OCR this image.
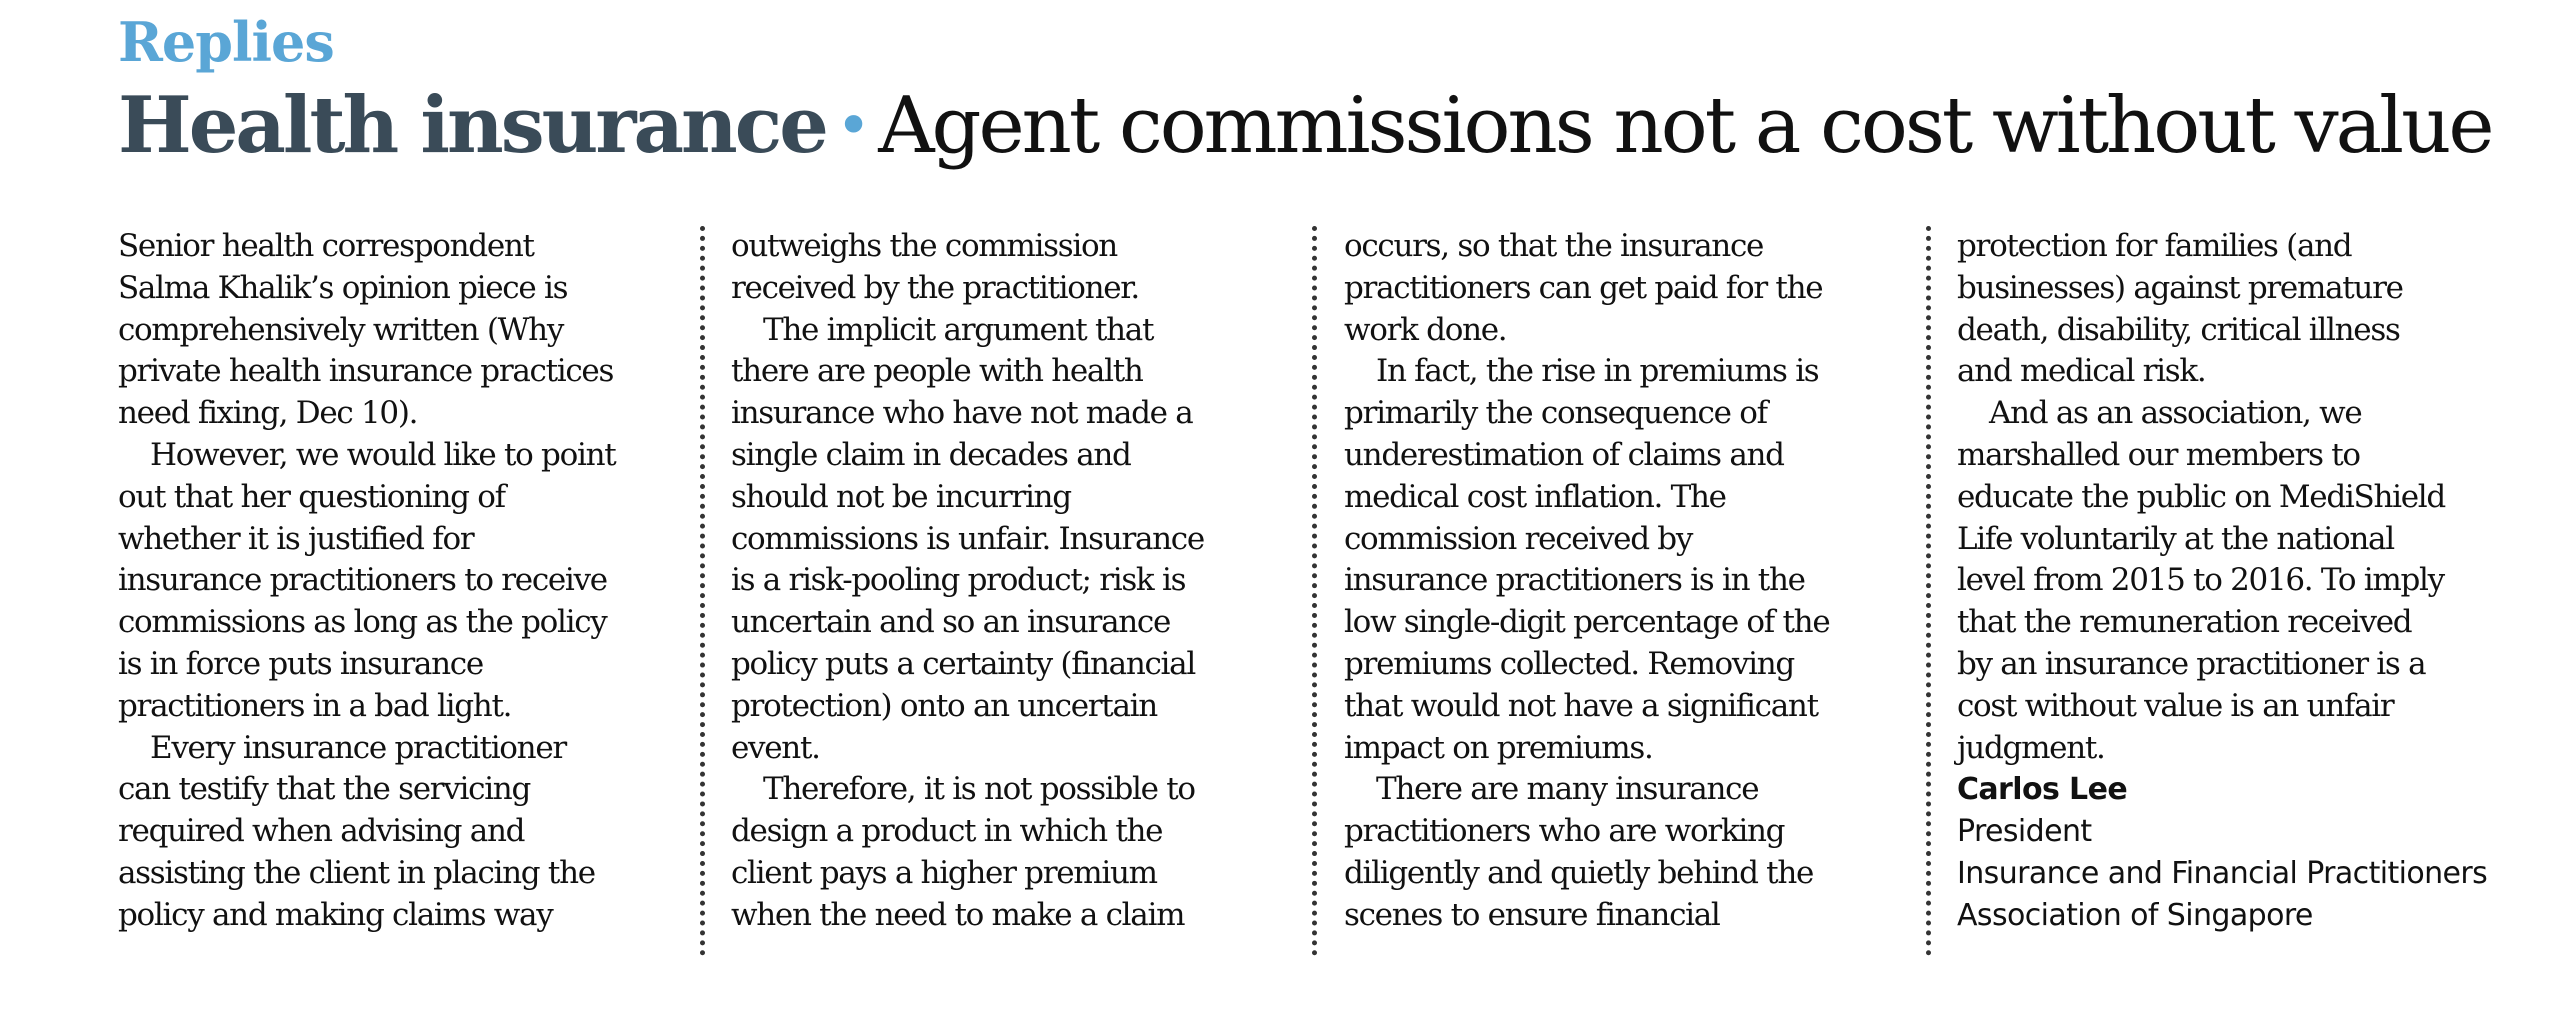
Replies
Health insurance • Agent commissions not a cost without value
Senior health correspondent
Salma Khalik’s opinion piece is
comprehensively written (Why
private health insurance practices
need fixing, Dec 10).
However, we would like to point
out that her questioning of
whether it is justified for
insurance practitioners to receive
commissions as long as the policy
is in force puts insurance
practitioners in a bad light.
Every insurance practitioner
can testify that the servicing
required when advising and
assisting the client in placing the
policy and making claims way
outweighs the commission
received by the practitioner.
The implicit argument that
there are people with health
insurance who have not made a
single claim in decades and
should not be incurring
commissions is unfair. Insurance
is a risk-pooling product; risk is
uncertain and so an insurance
policy puts a certainty (financial
protection) onto an uncertain
event.
Therefore, it is not possible to
design a product in which the
client pays a higher premium
when the need to make a claim
occurs, so that the insurance
practitioners can get paid for the
work done.
In fact, the rise in premiums is
primarily the consequence of
underestimation of claims and
medical cost inflation. The
commission received by
insurance practitioners is in the
low single-digit percentage of the
premiums collected. Removing
that would not have a significant
impact on premiums.
There are many insurance
practitioners who are working
diligently and quietly behind the
scenes to ensure financial
protection for families (and
businesses) against premature
death, disability, critical illness
and medical risk.
And as an association, we
marshalled our members to
educate the public on MediShield
Life voluntarily at the national
level from 2015 to 2016. To imply
that the remuneration received
by an insurance practitioner is a
cost without value is an unfair
judgment.
Carlos Lee
President
Insurance and Financial Practitioners
Association of Singapore
